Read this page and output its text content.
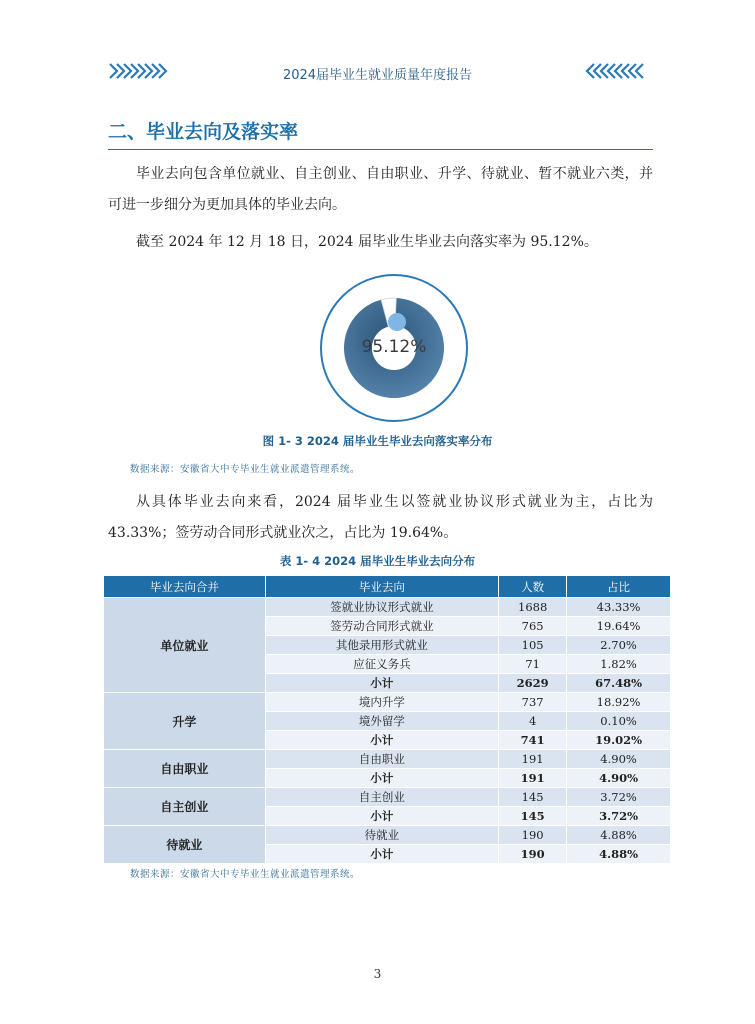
2024届毕业生就业质量年度报告
二、毕业去向及落实率
毕业去向包含单位就业、自主创业、自由职业、升学、待就业、暂不就业六类，并可进一步细分为更加具体的毕业去向。
截至 2024 年 12 月 18 日，2024 届毕业生毕业去向落实率为 95.12%。
95.12%
图 1- 3 2024 届毕业生毕业去向落实率分布
数据来源：安徽省大中专毕业生就业派遣管理系统。
从具体毕业去向来看，2024 届毕业生以签就业协议形式就业为主，占比为 43.33%；签劳动合同形式就业次之，占比为 19.64%。
表 1- 4 2024 届毕业生毕业去向分布
毕业去向合并	毕业去向	人数	占比
单位就业	签就业协议形式就业	1688	43.33%
	签劳动合同形式就业	765	19.64%
	其他录用形式就业	105	2.70%
	应征义务兵	71	1.82%
	小计	2629	67.48%
升学	境内升学	737	18.92%
	境外留学	4	0.10%
	小计	741	19.02%
自由职业	自由职业	191	4.90%
	小计	191	4.90%
自主创业	自主创业	145	3.72%
	小计	145	3.72%
待就业	待就业	190	4.88%
	小计	190	4.88%
数据来源：安徽省大中专毕业生就业派遣管理系统。
3
